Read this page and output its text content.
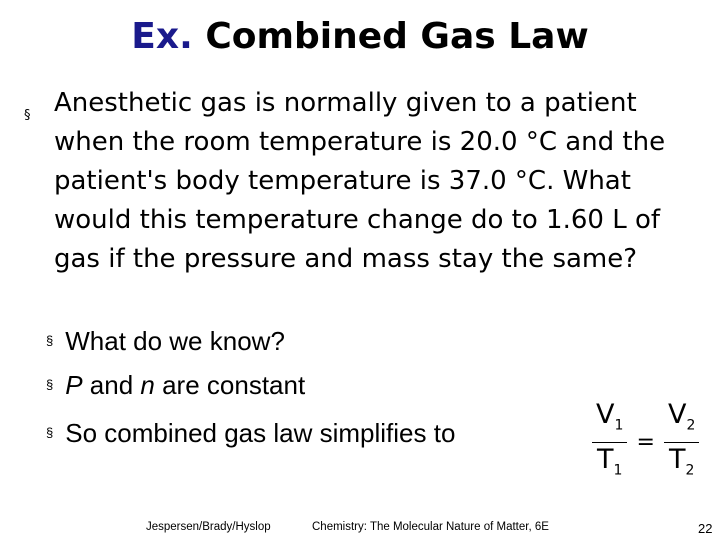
Ex. Combined Gas Law
§ Anesthetic gas is normally given to a patient when the room temperature is 20.0 °C and the patient's body temperature is 37.0 °C. What would this temperature change do to 1.60 L of gas if the pressure and mass stay the same?
§ What do we know?
§ P and n are constant
§ So combined gas law simplifies to	$\frac{V_1}{T_1} = \frac{V_2}{T_2}$
Jespersen/Brady/Hyslop	Chemistry: The Molecular Nature of Matter, 6E	22
